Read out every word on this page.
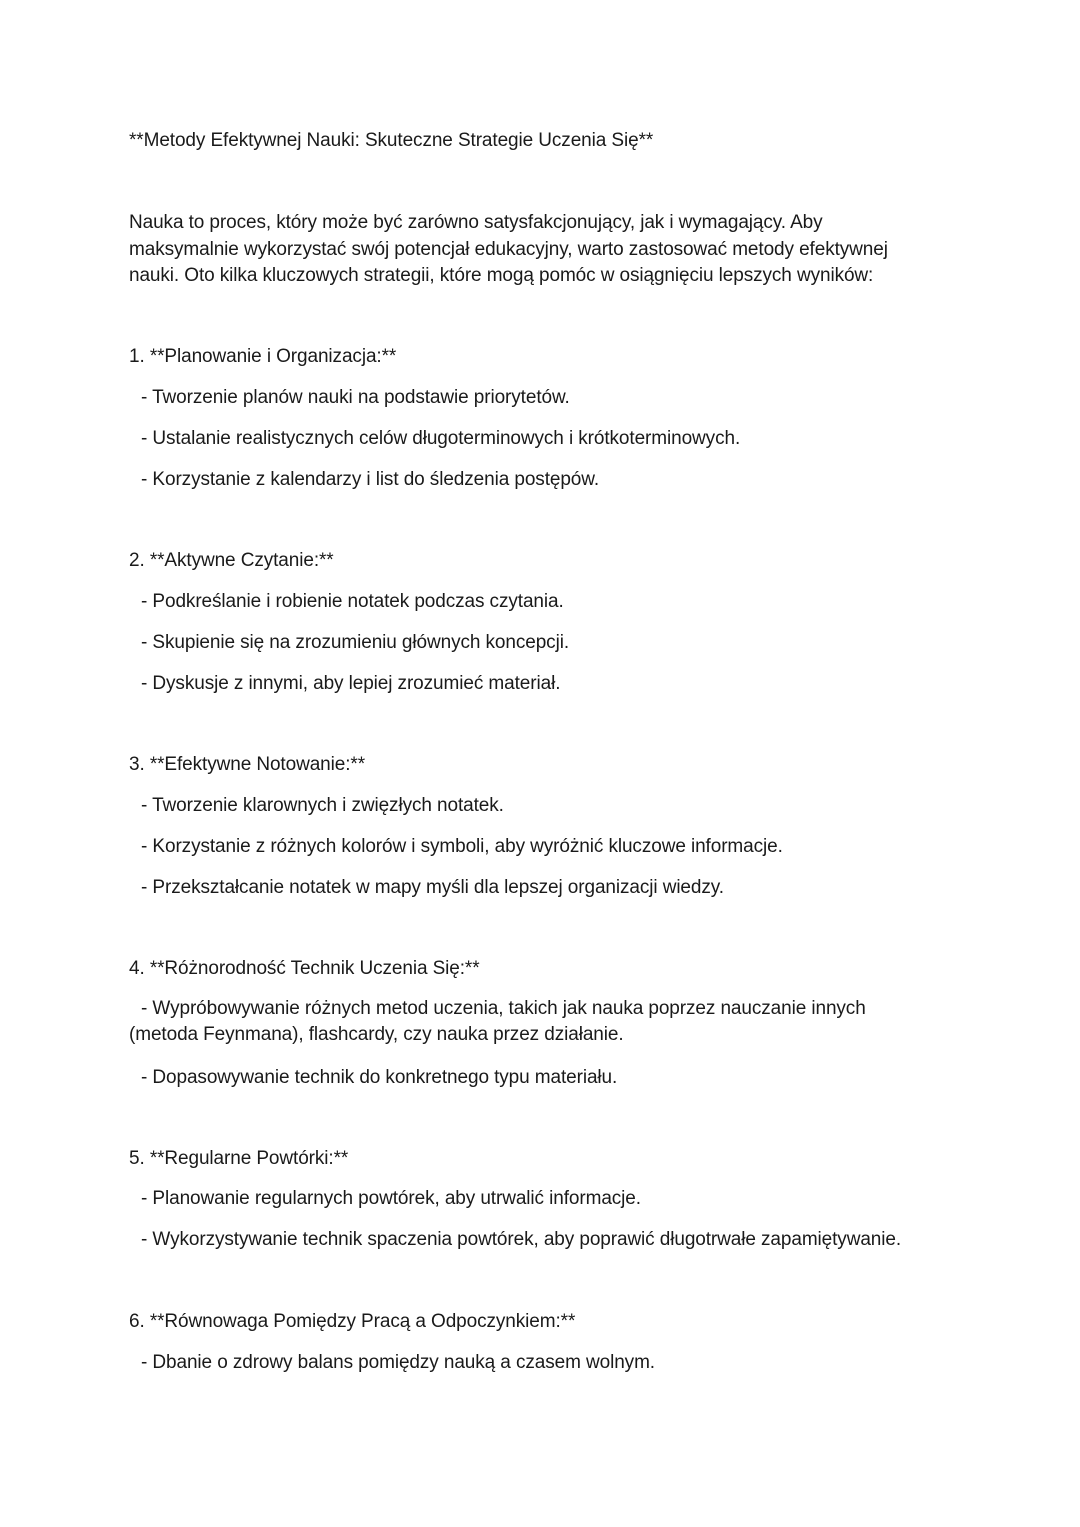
**Metody Efektywnej Nauki: Skuteczne Strategie Uczenia Się**
Nauka to proces, który może być zarówno satysfakcjonujący, jak i wymagający. Aby maksymalnie wykorzystać swój potencjał edukacyjny, warto zastosować metody efektywnej nauki. Oto kilka kluczowych strategii, które mogą pomóc w osiągnięciu lepszych wyników:
1. **Planowanie i Organizacja:**
- Tworzenie planów nauki na podstawie priorytetów.
- Ustalanie realistycznych celów długoterminowych i krótkoterminowych.
- Korzystanie z kalendarzy i list do śledzenia postępów.
2. **Aktywne Czytanie:**
- Podkreślanie i robienie notatek podczas czytania.
- Skupienie się na zrozumieniu głównych koncepcji.
- Dyskusje z innymi, aby lepiej zrozumieć materiał.
3. **Efektywne Notowanie:**
- Tworzenie klarownych i zwięzłych notatek.
- Korzystanie z różnych kolorów i symboli, aby wyróżnić kluczowe informacje.
- Przekształcanie notatek w mapy myśli dla lepszej organizacji wiedzy.
4. **Różnorodność Technik Uczenia Się:**
- Wypróbowywanie różnych metod uczenia, takich jak nauka poprzez nauczanie innych (metoda Feynmana), flashcardy, czy nauka przez działanie.
- Dopasowywanie technik do konkretnego typu materiału.
5. **Regularne Powtórki:**
- Planowanie regularnych powtórek, aby utrwalić informacje.
- Wykorzystywanie technik spaczenia powtórek, aby poprawić długotrwałe zapamiętywanie.
6. **Równowaga Pomiędzy Pracą a Odpoczynkiem:**
- Dbanie o zdrowy balans pomiędzy nauką a czasem wolnym.
